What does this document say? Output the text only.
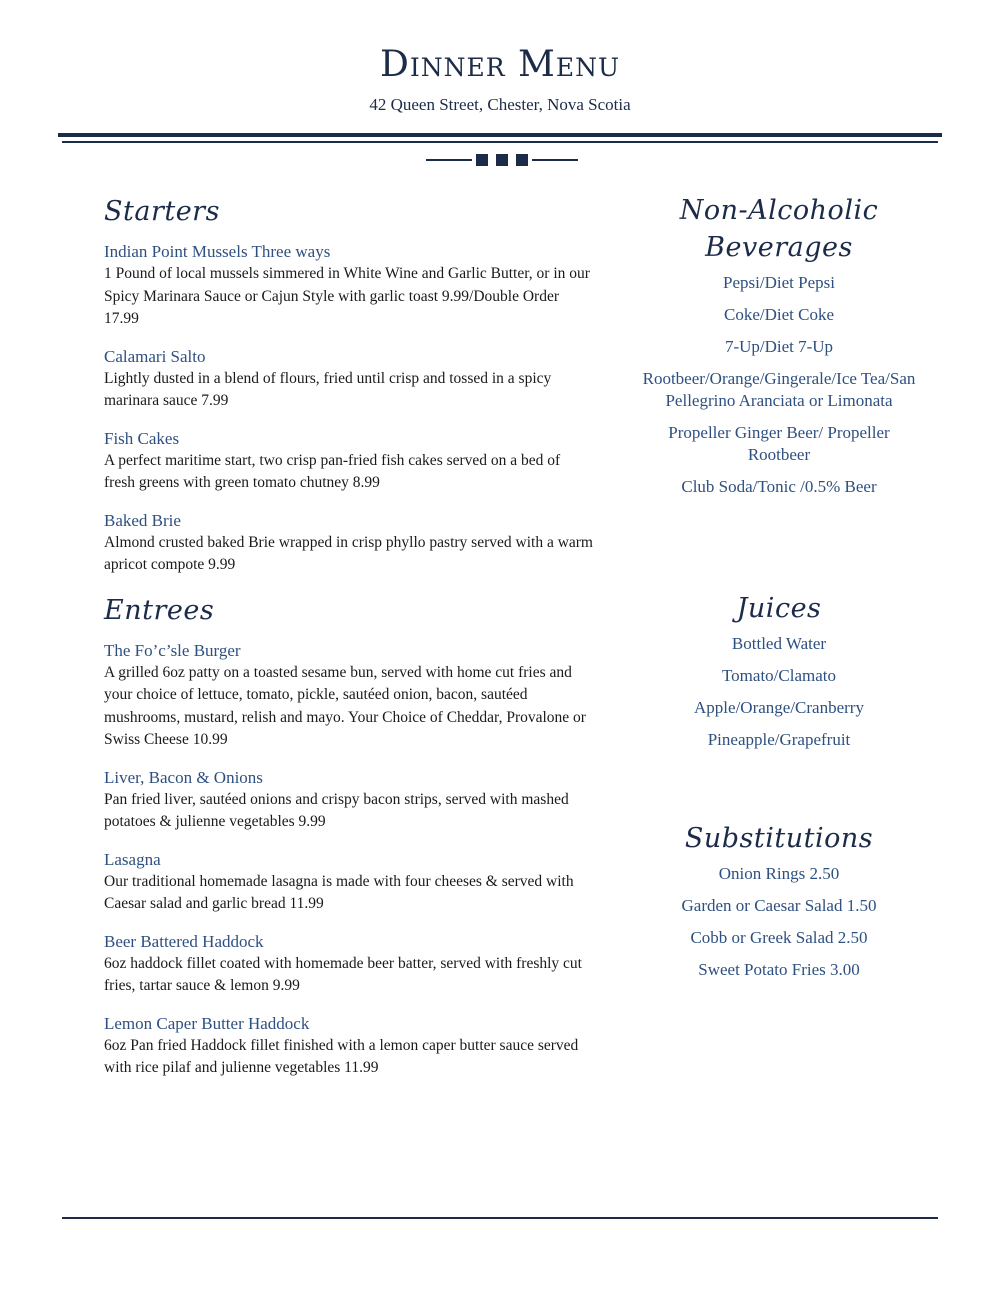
Dinner Menu
42 Queen Street, Chester, Nova Scotia
Starters
Indian Point Mussels Three ways
1 Pound of local mussels simmered in White Wine and Garlic Butter, or in our Spicy Marinara Sauce or Cajun Style with garlic toast 9.99/Double Order 17.99
Calamari Salto
Lightly dusted in a blend of flours, fried until crisp and tossed in a spicy marinara sauce 7.99
Fish Cakes
A perfect maritime start, two crisp pan-fried fish cakes served on a bed of fresh greens with green tomato chutney 8.99
Baked Brie
Almond crusted baked Brie wrapped in crisp phyllo pastry served with a warm apricot compote 9.99
Entrees
The Fo’c’sle Burger
A grilled 6oz patty on a toasted sesame bun, served with home cut fries and your choice of lettuce, tomato, pickle, sautéed onion, bacon, sautéed mushrooms, mustard, relish and mayo. Your Choice of Cheddar, Provalone or Swiss Cheese 10.99
Liver, Bacon & Onions
Pan fried liver, sautéed onions and crispy bacon strips, served with mashed potatoes & julienne vegetables 9.99
Lasagna
Our traditional homemade lasagna is made with four cheeses & served with Caesar salad and garlic bread 11.99
Beer Battered Haddock
6oz haddock fillet coated with homemade beer batter, served with freshly cut fries, tartar sauce & lemon 9.99
Lemon Caper Butter Haddock
6oz Pan fried Haddock fillet finished with a lemon caper butter sauce served with rice pilaf and julienne vegetables 11.99
Non-Alcoholic
Beverages
Pepsi/Diet Pepsi
Coke/Diet Coke
7-Up/Diet 7-Up
Rootbeer/Orange/Gingerale/Ice Tea/San Pellegrino Aranciata or Limonata
Propeller Ginger Beer/ Propeller Rootbeer
Club Soda/Tonic /0.5% Beer
Juices
Bottled Water
Tomato/Clamato
Apple/Orange/Cranberry
Pineapple/Grapefruit
Substitutions
Onion Rings 2.50
Garden or Caesar Salad 1.50
Cobb or Greek Salad 2.50
Sweet Potato Fries 3.00
